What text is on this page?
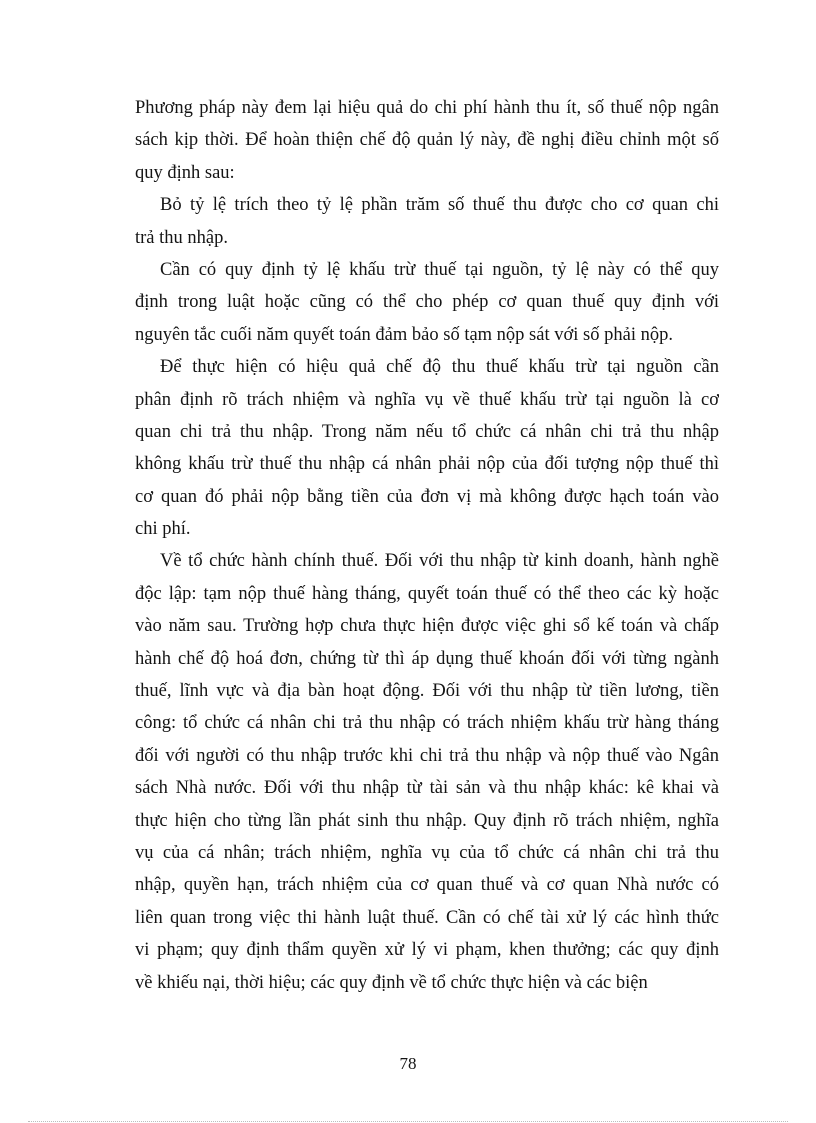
Phương pháp này đem lại hiệu quả do chi phí hành thu ít, số thuế nộp ngân
sách kịp thời. Để hoàn thiện chế độ quản lý này, đề nghị điều chỉnh một số
quy định sau:
Bỏ tỷ lệ trích theo tỷ lệ phần trăm số thuế thu được cho cơ quan chi
trả thu nhập.
Cần có quy định tỷ lệ khấu trừ thuế tại nguồn, tỷ lệ này có thể quy
định trong luật hoặc cũng có thể cho phép cơ quan thuế quy định với
nguyên tắc cuối năm quyết toán đảm bảo số tạm nộp sát với số phải nộp.
Để thực hiện có hiệu quả chế độ thu thuế khấu trừ tại nguồn cần
phân định rõ trách nhiệm và nghĩa vụ về thuế khấu trừ tại nguồn là cơ
quan chi trả thu nhập. Trong năm nếu tổ chức cá nhân chi trả thu nhập
không khấu trừ thuế thu nhập cá nhân phải nộp của đối tượng nộp thuế thì
cơ quan đó phải nộp bằng tiền của đơn vị mà không được hạch toán vào
chi phí.
Về tổ chức hành chính thuế. Đối với thu nhập từ kinh doanh, hành nghề
độc lập: tạm nộp thuế hàng tháng, quyết toán thuế có thể theo các kỳ hoặc
vào năm sau. Trường hợp chưa thực hiện được việc ghi sổ kế toán và chấp
hành chế độ hoá đơn, chứng từ thì áp dụng thuế khoán đối với từng ngành
thuế, lĩnh vực và địa bàn hoạt động. Đối với thu nhập từ tiền lương, tiền
công: tổ chức cá nhân chi trả thu nhập có trách nhiệm khấu trừ hàng tháng
đối với người có thu nhập trước khi chi trả thu nhập và nộp thuế vào Ngân
sách Nhà nước. Đối với thu nhập từ tài sản và thu nhập khác: kê khai và
thực hiện cho từng lần phát sinh thu nhập. Quy định rõ trách nhiệm, nghĩa
vụ của cá nhân; trách nhiệm, nghĩa vụ của tổ chức cá nhân chi trả thu
nhập, quyền hạn, trách nhiệm của cơ quan thuế và cơ quan Nhà nước có
liên quan trong việc thi hành luật thuế. Cần có chế tài xử lý các hình thức
vi phạm; quy định thẩm quyền xử lý vi phạm, khen thưởng; các quy định
về khiếu nại, thời hiệu; các quy định về tổ chức thực hiện và các biện
78
